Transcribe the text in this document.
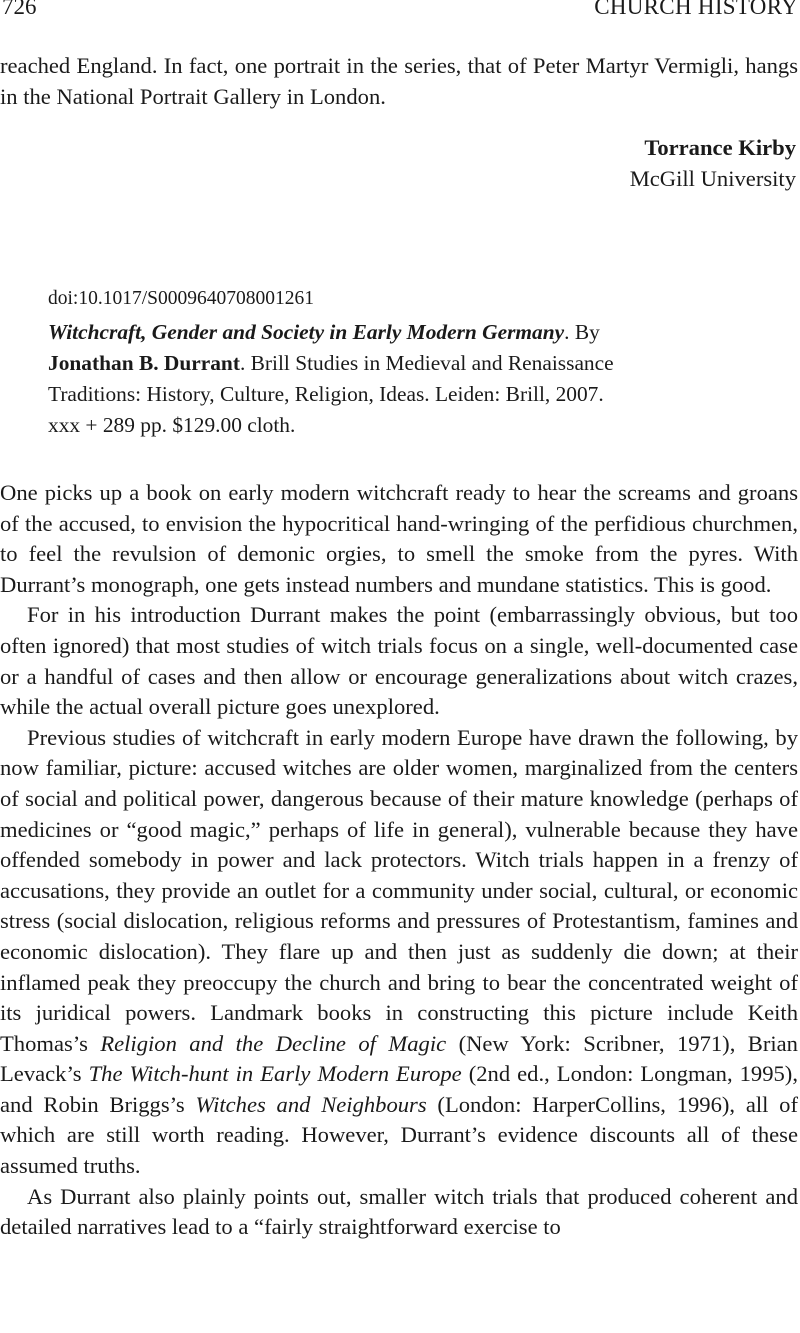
726	CHURCH HISTORY
reached England. In fact, one portrait in the series, that of Peter Martyr Vermigli, hangs in the National Portrait Gallery in London.
Torrance Kirby
McGill University
doi:10.1017/S0009640708001261
Witchcraft, Gender and Society in Early Modern Germany. By
Jonathan B. Durrant. Brill Studies in Medieval and Renaissance
Traditions: History, Culture, Religion, Ideas. Leiden: Brill, 2007.
xxx + 289 pp. $129.00 cloth.

One picks up a book on early modern witchcraft ready to hear the screams and groans of the accused, to envision the hypocritical hand-wringing of the perfidious churchmen, to feel the revulsion of demonic orgies, to smell the smoke from the pyres. With Durrant’s monograph, one gets instead numbers and mundane statistics. This is good.

For in his introduction Durrant makes the point (embarrassingly obvious, but too often ignored) that most studies of witch trials focus on a single, well-documented case or a handful of cases and then allow or encourage generalizations about witch crazes, while the actual overall picture goes unexplored.

Previous studies of witchcraft in early modern Europe have drawn the following, by now familiar, picture: accused witches are older women, marginalized from the centers of social and political power, dangerous because of their mature knowledge (perhaps of medicines or “good magic,” perhaps of life in general), vulnerable because they have offended somebody in power and lack protectors. Witch trials happen in a frenzy of accusations, they provide an outlet for a community under social, cultural, or economic stress (social dislocation, religious reforms and pressures of Protestantism, famines and economic dislocation). They flare up and then just as suddenly die down; at their inflamed peak they preoccupy the church and bring to bear the concentrated weight of its juridical powers. Landmark books in constructing this picture include Keith Thomas’s Religion and the Decline of Magic (New York: Scribner, 1971), Brian Levack’s The Witch-hunt in Early Modern Europe (2nd ed., London: Longman, 1995), and Robin Briggs’s Witches and Neighbours (London: HarperCollins, 1996), all of which are still worth reading. However, Durrant’s evidence discounts all of these assumed truths.

As Durrant also plainly points out, smaller witch trials that produced coherent and detailed narratives lead to a “fairly straightforward exercise to
